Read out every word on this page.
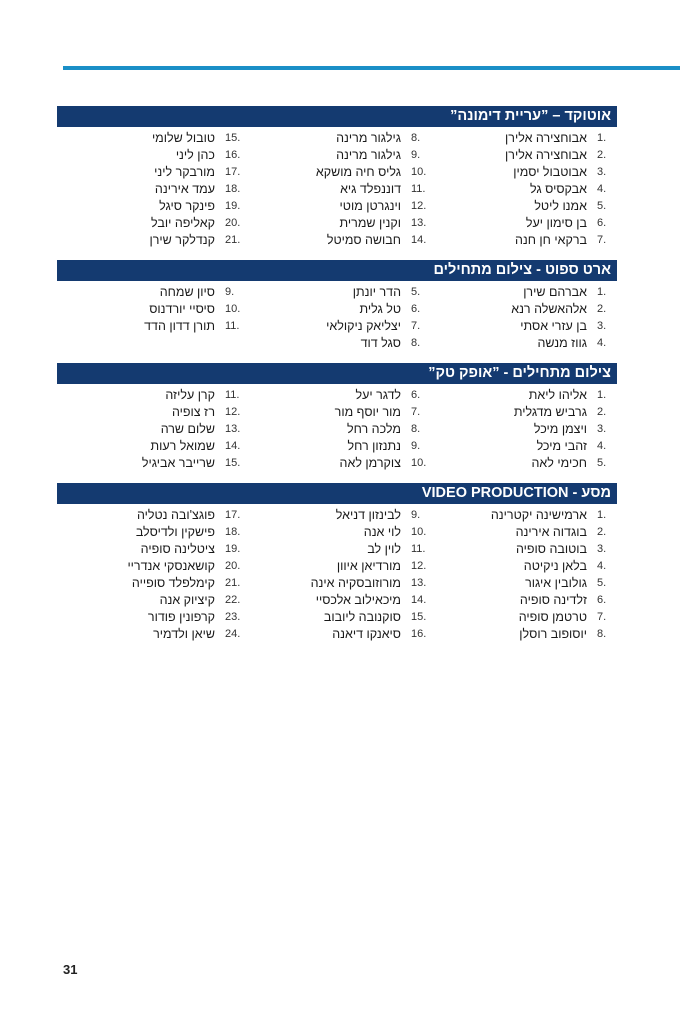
אוטוקד – ”עריית דימונה”
1.
אבוחצירה אלירן
2.
אבוחצירה אלירן
3.
אבוטבול יסמין
4.
אבקסיס גל
5.
אמנו ליטל
6.
בן סימון יעל
7.
ברקאי חן חנה
8.
גילגור מרינה
9.
גילגור מרינה
10.
גליס חיה מושקא
11.
דוננפלד גיא
12.
וינגרטן מוטי
13.
וקנין שמרית
14.
חבושה סמיטל
15.
טובול שלומי
16.
כהן ליני
17.
מורבקר ליני
18.
עמד אירינה
19.
פינקר סיגל
20.
קאליפה יובל
21.
קנדלקר שירן
ארט ספוט - צילום מתחילים
1.
אברהם שירן
2.
אלהאשלה רנא
3.
בן עזרי אסתי
4.
גווז מנשה
5.
הדר יונתן
6.
טל גלית
7.
יצליאק ניקולאי
8.
סגל דוד
9.
סיון שמחה
10.
סיסיי יורדנוס
11.
תורן דדון הדד
צילום מתחילים - ”אופק טק”
1.
אליהו ליאת
2.
גרביש מדגלית
3.
ויצמן מיכל
4.
זהבי מיכל
5.
חכימי לאה
6.
לדגר יעל
7.
מור יוסף מור
8.
מלכה רחל
9.
נתנזון רחל
10.
צוקרמן לאה
11.
קרן עליזה
12.
רז צופיה
13.
שלום שרה
14.
שמואל רעות
15.
שרייבר אביגיל
VIDEO PRODUCTION - מסע
1.
ארמישינה יקטרינה
2.
בוגדוה אירינה
3.
בוטובה סופיה
4.
בלאן ניקיטה
5.
גולובין איגור
6.
זלדינה סופיה
7.
טרטמן סופיה
8.
יוסופוב רוסלן
9.
לבינזון דניאל
10.
לוי אנה
11.
לוין לב
12.
מורדיאן איוון
13.
מורוזובסקיה אינה
14.
מיכאילוב אלכסיי
15.
סוקנובה ליובוב
16.
סיאנקו דיאנה
17.
פוגצ'ובה נטליה
18.
פישקין ולדיסלב
19.
ציטלינה סופיה
20.
קושאנסקי אנדריי
21.
קימלפלד סופייה
22.
קיציוק אנה
23.
קרפונין פודור
24.
שיאן ולדמיר
31
